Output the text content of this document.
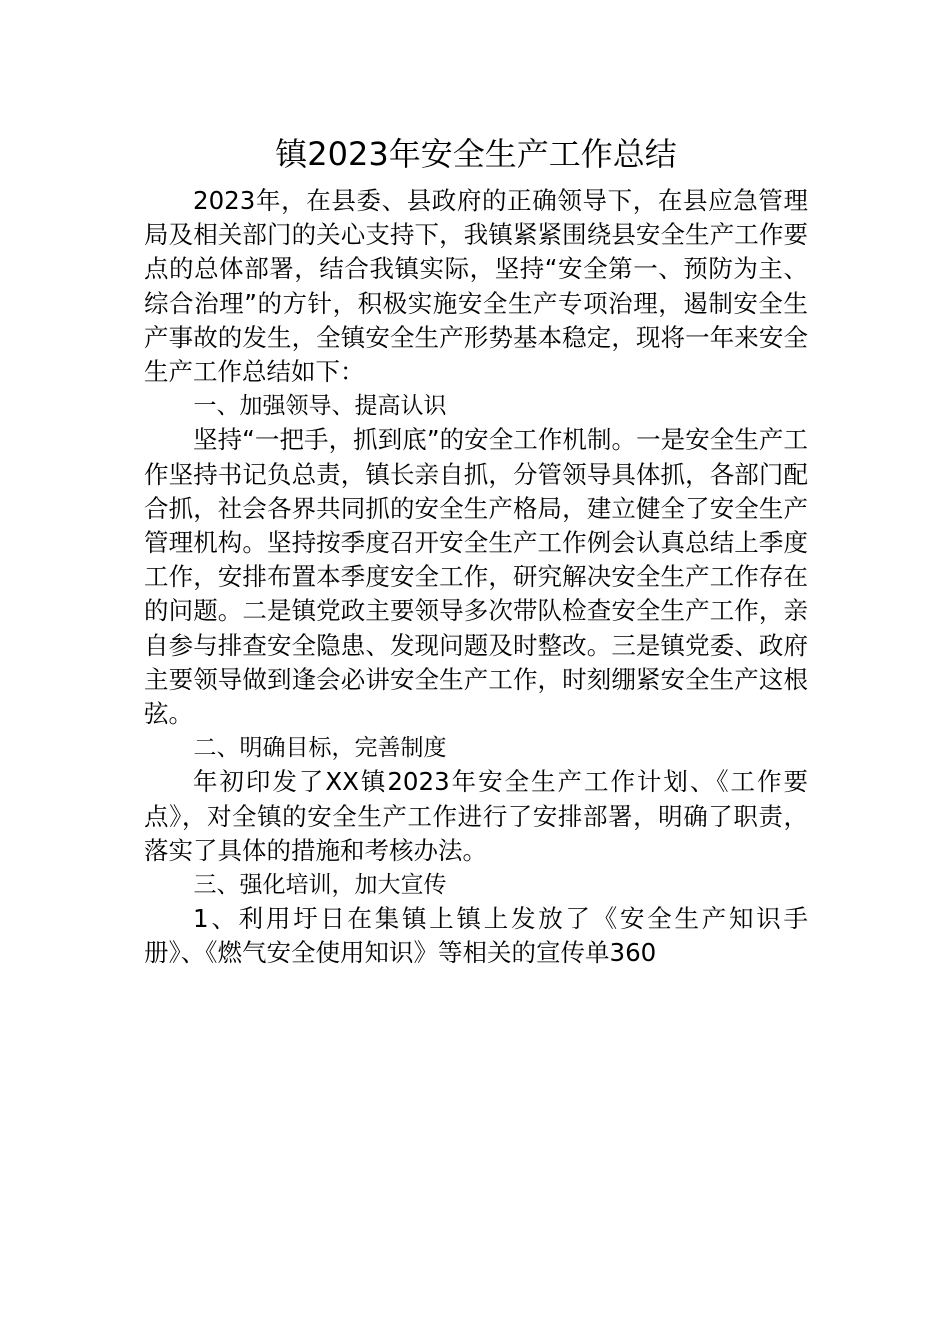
镇2023年安全生产工作总结

2023年，在县委、县政府的正确领导下，在县应急管理局及相关部门的关心支持下，我镇紧紧围绕县安全生产工作要点的总体部署，结合我镇实际，坚持“安全第一、预防为主、综合治理”的方针，积极实施安全生产专项治理，遏制安全生产事故的发生，全镇安全生产形势基本稳定，现将一年来安全生产工作总结如下：

一、加强领导、提高认识

坚持“一把手，抓到底”的安全工作机制。一是安全生产工作坚持书记负总责，镇长亲自抓，分管领导具体抓，各部门配合抓，社会各界共同抓的安全生产格局，建立健全了安全生产管理机构。坚持按季度召开安全生产工作例会认真总结上季度工作，安排布置本季度安全工作，研究解决安全生产工作存在的问题。二是镇党政主要领导多次带队检查安全生产工作，亲自参与排查安全隐患、发现问题及时整改。三是镇党委、政府主要领导做到逢会必讲安全生产工作，时刻绷紧安全生产这根弦。

二、明确目标，完善制度

年初印发了XX镇2023年安全生产工作计划、《工作要点》，对全镇的安全生产工作进行了安排部署，明确了职责，落实了具体的措施和考核办法。

三、强化培训，加大宣传

1、利用圩日在集镇上镇上发放了《安全生产知识手册》、《燃气安全使用知识》等相关的宣传单360
